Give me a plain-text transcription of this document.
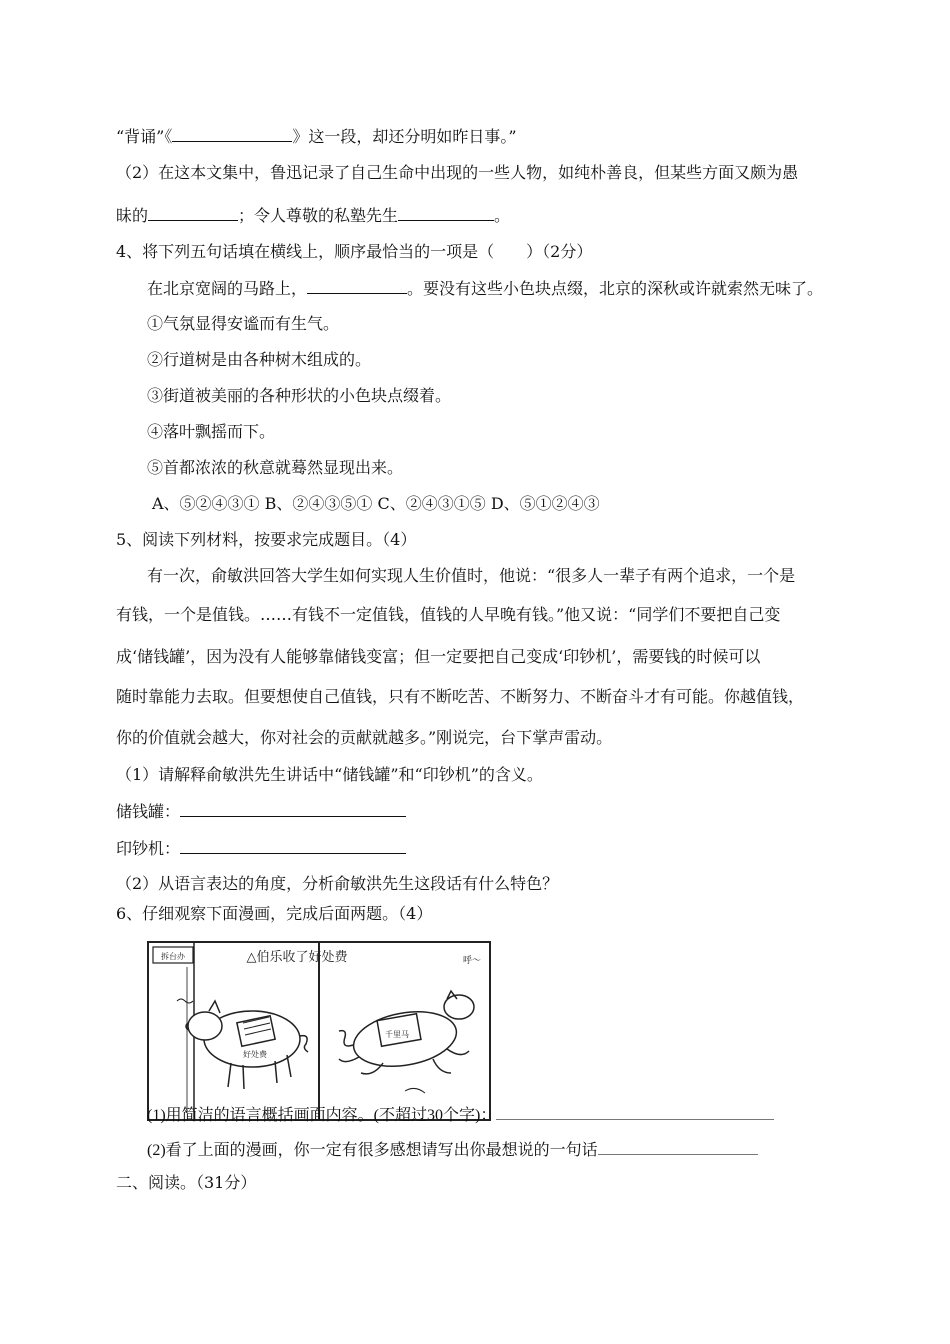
“背诵”《	》这一段，却还分明如昨日事。”
（2）在这本文集中，鲁迅记录了自己生命中出现的一些人物，如纯朴善良，但某些方面又颇为愚
昧的	；令人尊敬的私塾先生	。
4、将下列五句话填在横线上，顺序最恰当的一项是（　　）（2分）
在北京宽阔的马路上，	。要没有这些小色块点缀，北京的深秋或许就索然无味了。
①气氛显得安谧而有生气。
②行道树是由各种树木组成的。
③街道被美丽的各种形状的小色块点缀着。
④落叶飘摇而下。
⑤首都浓浓的秋意就蓦然显现出来。
A、⑤②④③① B、②④③⑤① C、②④③①⑤ D、⑤①②④③
5、阅读下列材料，按要求完成题目。（4）
有一次，俞敏洪回答大学生如何实现人生价值时，他说：“很多人一辈子有两个追求，一个是
有钱，一个是值钱。……有钱不一定值钱，值钱的人早晚有钱。”他又说：“同学们不要把自己变
成‘储钱罐’，因为没有人能够靠储钱变富；但一定要把自己变成‘印钞机’，需要钱的时候可以
随时靠能力去取。但要想使自己值钱，只有不断吃苦、不断努力、不断奋斗才有可能。你越值钱，
你的价值就会越大，你对社会的贡献就越多。”刚说完，台下掌声雷动。
（1）请解释俞敏洪先生讲话中“储钱罐”和“印钞机”的含义。
储钱罐：
印钞机：
（2）从语言表达的角度，分析俞敏洪先生这段话有什么特色？
6、仔细观察下面漫画，完成后面两题。（4）
拆台办	△伯乐收了好处费
好处费
千里马
呼～
(1)用简洁的语言概括画面内容。(不超过30个字)：
(2)看了上面的漫画，你一定有很多感想请写出你最想说的一句话
二、阅读。（31分）
